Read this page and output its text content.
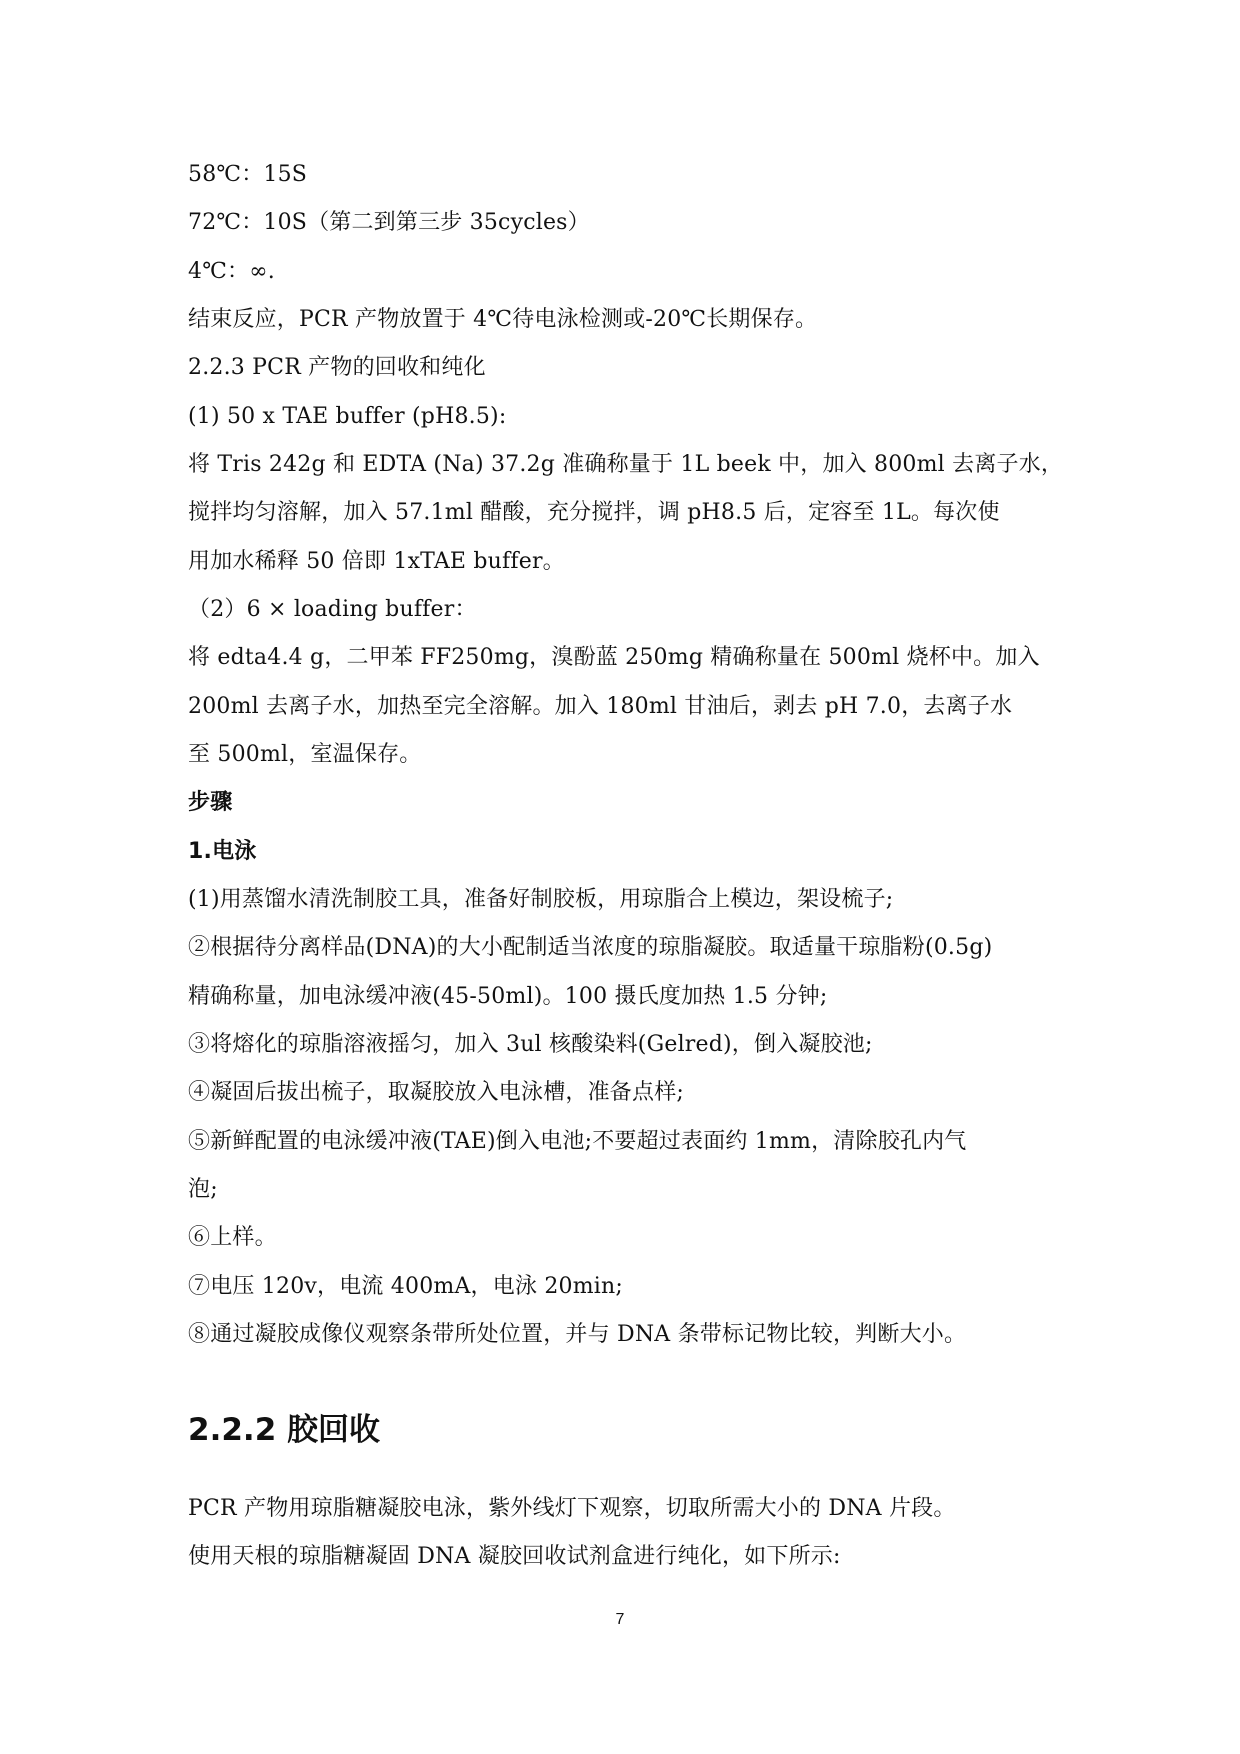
58℃：15S
72℃：10S（第二到第三步 35cycles）
4℃：∞.
结束反应，PCR 产物放置于 4℃待电泳检测或-20℃长期保存。
2.2.3 PCR 产物的回收和纯化
(1) 50 x TAE buffer (pH8.5):
将 Tris 242g 和 EDTA (Na) 37.2g 准确称量于 1L beek 中，加入 800ml 去离子水，
搅拌均匀溶解，加入 57.1ml 醋酸，充分搅拌，调 pH8.5 后，定容至 1L。每次使
用加水稀释 50 倍即 1xTAE buffer。
（2）6 × loading buffer：
将 edta4.4 g，二甲苯 FF250mg，溴酚蓝 250mg 精确称量在 500ml 烧杯中。加入
200ml 去离子水，加热至完全溶解。加入 180ml 甘油后，剥去 pH 7.0，去离子水
至 500ml，室温保存。
步骤
1.电泳
(1)用蒸馏水清洗制胶工具，准备好制胶板，用琼脂合上模边，架设梳子;
②根据待分离样品(DNA)的大小配制适当浓度的琼脂凝胶。取适量干琼脂粉(0.5g)
精确称量，加电泳缓冲液(45-50ml)。100 摄氏度加热 1.5 分钟;
③将熔化的琼脂溶液摇匀，加入 3ul 核酸染料(Gelred)，倒入凝胶池;
④凝固后拔出梳子，取凝胶放入电泳槽，准备点样;
⑤新鲜配置的电泳缓冲液(TAE)倒入电池;不要超过表面约 1mm，清除胶孔内气
泡;
⑥上样。
⑦电压 120v，电流 400mA，电泳 20min;
⑧通过凝胶成像仪观察条带所处位置，并与 DNA 条带标记物比较，判断大小。
2.2.2 胶回收
PCR 产物用琼脂糖凝胶电泳，紫外线灯下观察，切取所需大小的 DNA 片段。
使用天根的琼脂糖凝固 DNA 凝胶回收试剂盒进行纯化，如下所示:
7
